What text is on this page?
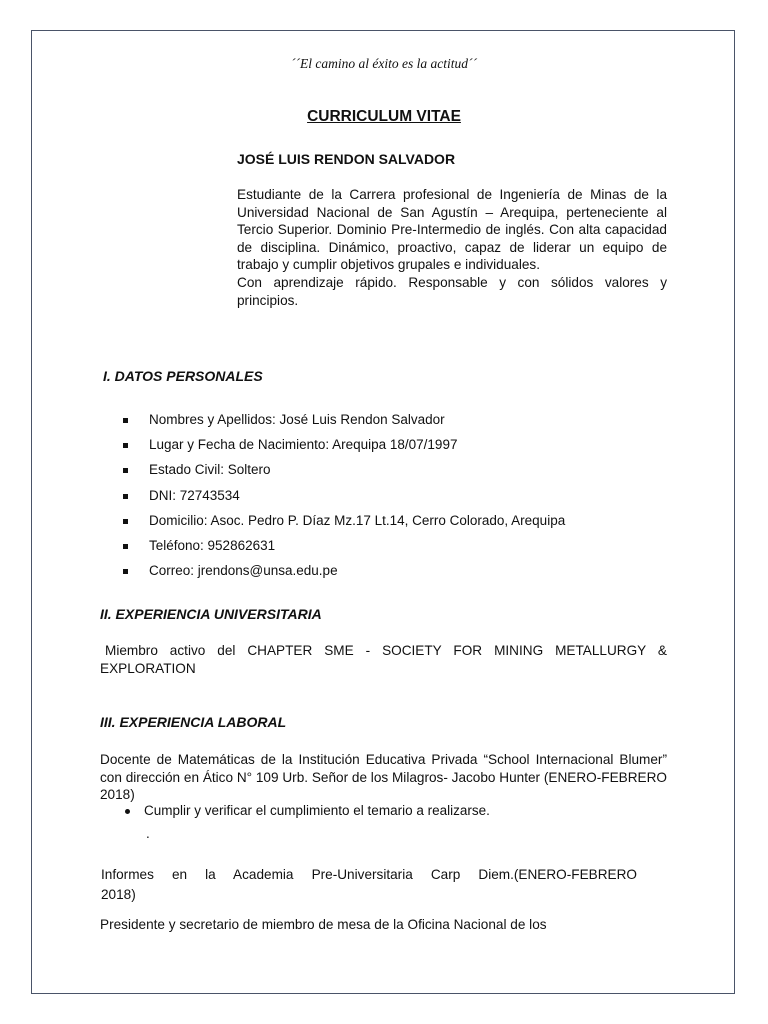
´´El camino al éxito es la actitud´´
CURRICULUM VITAE
JOSÉ LUIS RENDON SALVADOR

Estudiante de la Carrera profesional de Ingeniería de Minas de la Universidad Nacional de San Agustín – Arequipa, perteneciente al Tercio Superior. Dominio Pre-Intermedio de inglés. Con alta capacidad de disciplina. Dinámico, proactivo, capaz de liderar un equipo de trabajo y cumplir objetivos grupales e individuales.

Con aprendizaje rápido. Responsable y con sólidos valores y principios.

I. DATOS PERSONALES
Nombres y Apellidos: José Luis Rendon Salvador
Lugar y Fecha de Nacimiento: Arequipa 18/07/1997
Estado Civil: Soltero
DNI: 72743534
Domicilio: Asoc. Pedro P. Díaz Mz.17 Lt.14, Cerro Colorado, Arequipa
Teléfono: 952862631
Correo: jrendons@unsa.edu.pe
II. EXPERIENCIA UNIVERSITARIA
Miembro activo del CHAPTER SME - SOCIETY FOR MINING METALLURGY & EXPLORATION
III. EXPERIENCIA LABORAL
Docente de Matemáticas de la Institución Educativa Privada “School Internacional Blumer” con dirección en Ático N° 109 Urb. Señor de los Milagros- Jacobo Hunter (ENERO-FEBRERO 2018)
Cumplir y verificar el cumplimiento el temario a realizarse.
.
Informes en la Academia Pre-Universitaria Carp Diem.(ENERO-FEBRERO
2018)
Presidente y secretario de miembro de mesa de la Oficina Nacional de los
